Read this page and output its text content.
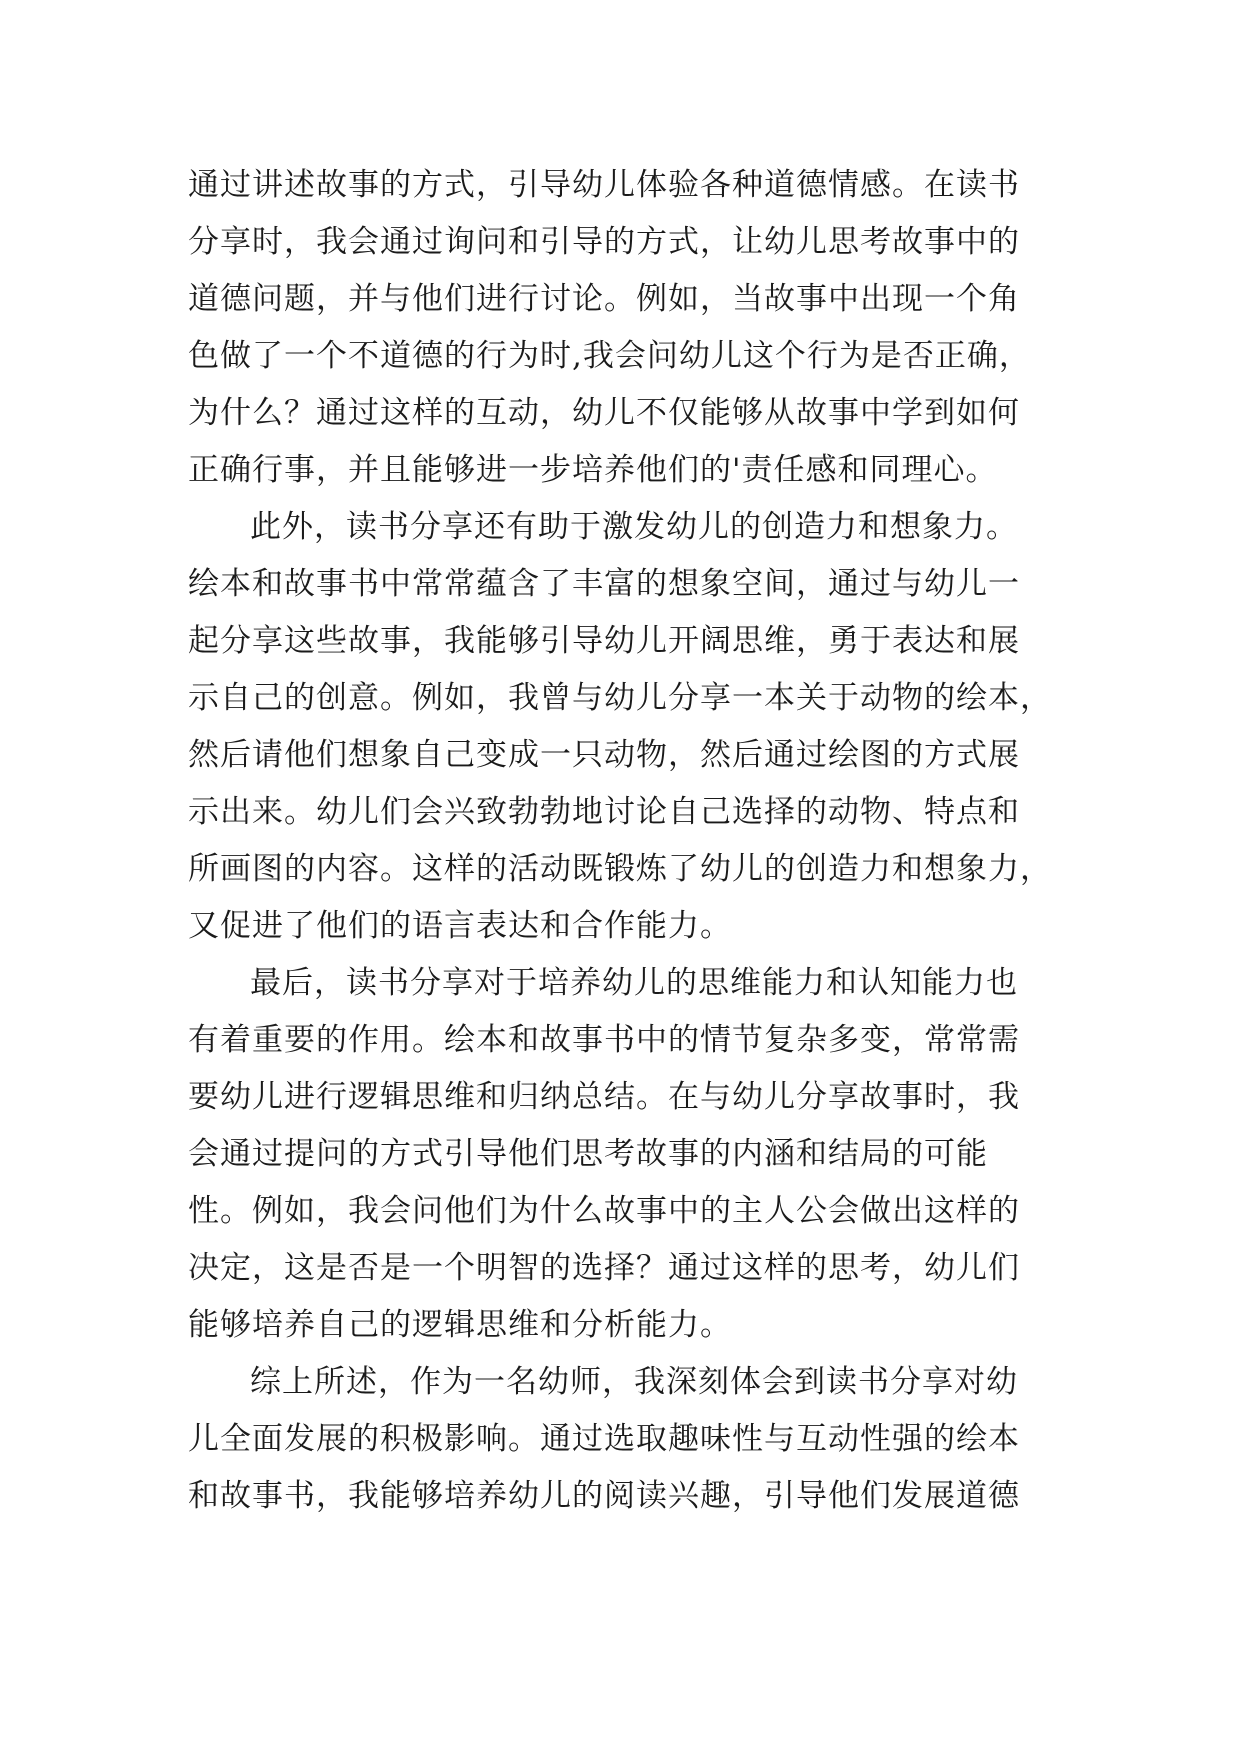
通过讲述故事的方式，引导幼儿体验各种道德情感。在读书
分享时，我会通过询问和引导的方式，让幼儿思考故事中的
道德问题，并与他们进行讨论。例如，当故事中出现一个角
色做了一个不道德的行为时,我会问幼儿这个行为是否正确，
为什么？通过这样的互动，幼儿不仅能够从故事中学到如何
正确行事，并且能够进一步培养他们的'责任感和同理心。
此外，读书分享还有助于激发幼儿的创造力和想象力。
绘本和故事书中常常蕴含了丰富的想象空间，通过与幼儿一
起分享这些故事，我能够引导幼儿开阔思维，勇于表达和展
示自己的创意。例如，我曾与幼儿分享一本关于动物的绘本，
然后请他们想象自己变成一只动物，然后通过绘图的方式展
示出来。幼儿们会兴致勃勃地讨论自己选择的动物、特点和
所画图的内容。这样的活动既锻炼了幼儿的创造力和想象力，
又促进了他们的语言表达和合作能力。
最后，读书分享对于培养幼儿的思维能力和认知能力也
有着重要的作用。绘本和故事书中的情节复杂多变，常常需
要幼儿进行逻辑思维和归纳总结。在与幼儿分享故事时，我
会通过提问的方式引导他们思考故事的内涵和结局的可能
性。例如，我会问他们为什么故事中的主人公会做出这样的
决定，这是否是一个明智的选择？通过这样的思考，幼儿们
能够培养自己的逻辑思维和分析能力。
综上所述，作为一名幼师，我深刻体会到读书分享对幼
儿全面发展的积极影响。通过选取趣味性与互动性强的绘本
和故事书，我能够培养幼儿的阅读兴趣，引导他们发展道德
